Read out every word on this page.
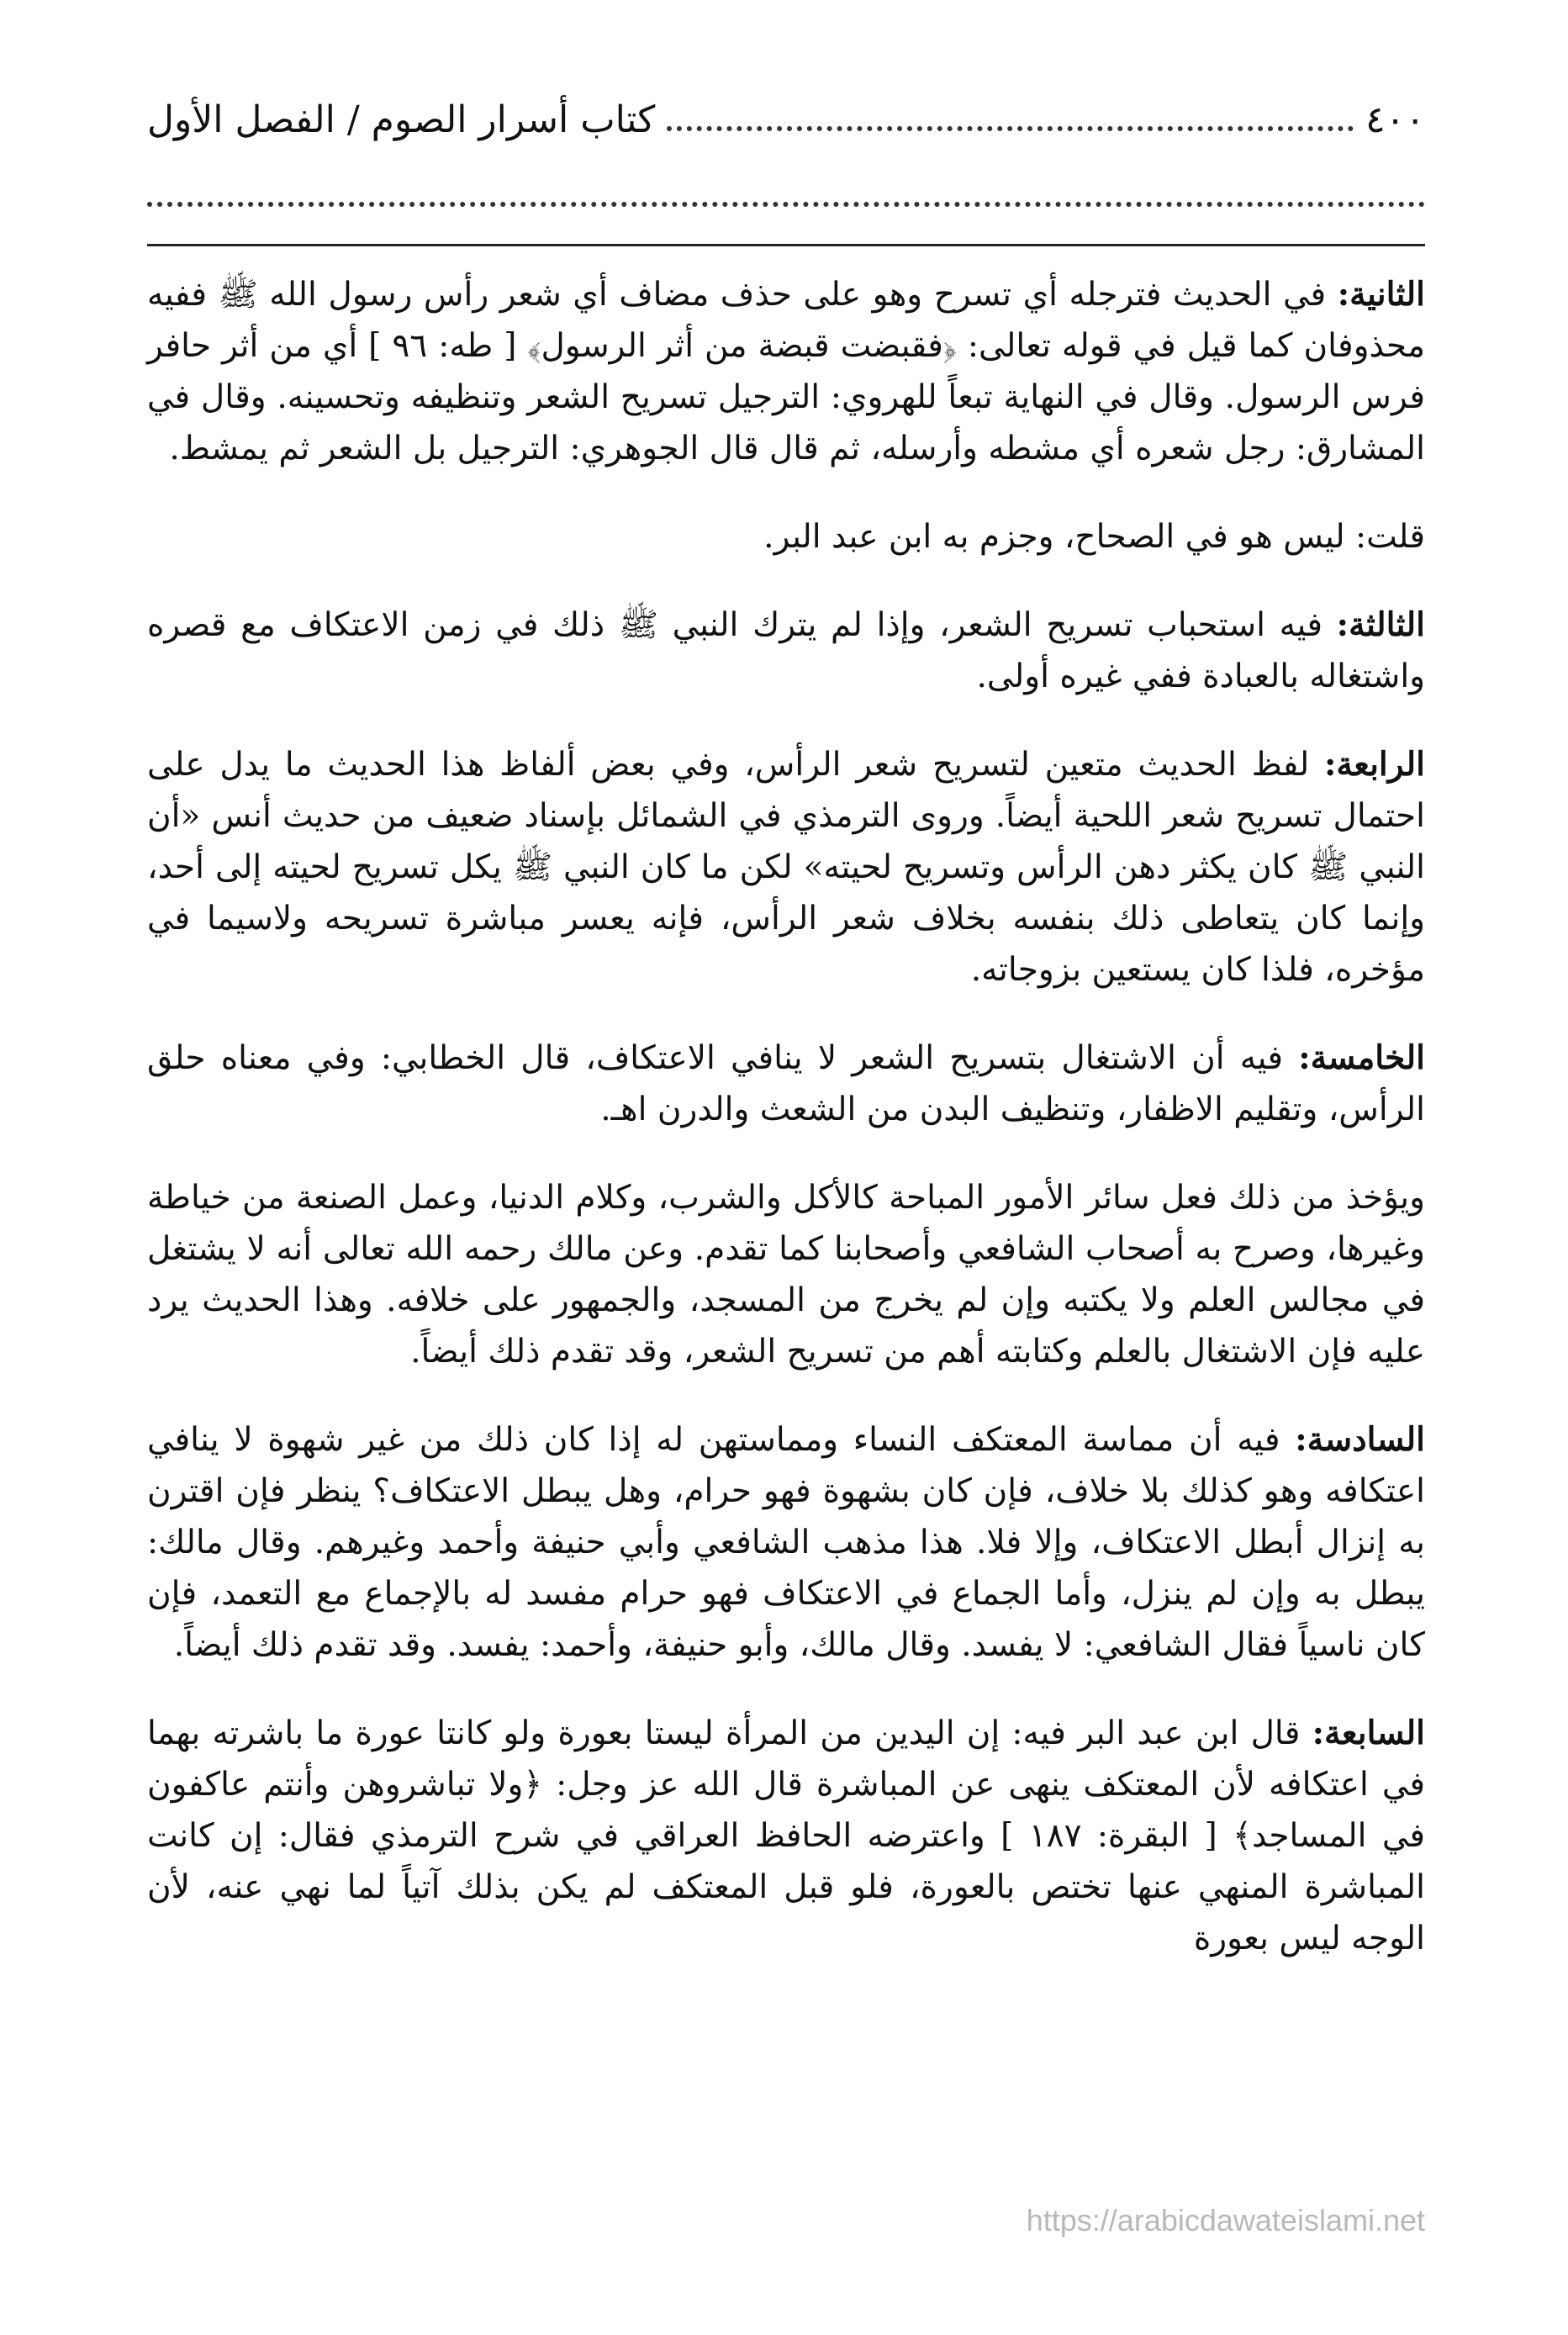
٤٠٠
كتاب أسرار الصوم / الفصل الأول

الثانية: في الحديث فترجله أي تسرح وهو على حذف مضاف أي شعر رأس رسول الله ﷺ ففيه محذوفان كما قيل في قوله تعالى: ﴿فقبضت قبضة من أثر الرسول﴾ [ طه: ٩٦ ] أي من أثر حافر فرس الرسول. وقال في النهاية تبعاً للهروي: الترجيل تسريح الشعر وتنظيفه وتحسينه. وقال في المشارق: رجل شعره أي مشطه وأرسله، ثم قال قال الجوهري: الترجيل بل الشعر ثم يمشط.

قلت: ليس هو في الصحاح، وجزم به ابن عبد البر.

الثالثة: فيه استحباب تسريح الشعر، وإذا لم يترك النبي ﷺ ذلك في زمن الاعتكاف مع قصره واشتغاله بالعبادة ففي غيره أولى.

الرابعة: لفظ الحديث متعين لتسريح شعر الرأس، وفي بعض ألفاظ هذا الحديث ما يدل على احتمال تسريح شعر اللحية أيضاً. وروى الترمذي في الشمائل بإسناد ضعيف من حديث أنس «أن النبي ﷺ كان يكثر دهن الرأس وتسريح لحيته» لكن ما كان النبي ﷺ يكل تسريح لحيته إلى أحد، وإنما كان يتعاطى ذلك بنفسه بخلاف شعر الرأس، فإنه يعسر مباشرة تسريحه ولاسيما في مؤخره، فلذا كان يستعين بزوجاته.

الخامسة: فيه أن الاشتغال بتسريح الشعر لا ينافي الاعتكاف، قال الخطابي: وفي معناه حلق الرأس، وتقليم الاظفار، وتنظيف البدن من الشعث والدرن اهـ.

ويؤخذ من ذلك فعل سائر الأمور المباحة كالأكل والشرب، وكلام الدنيا، وعمل الصنعة من خياطة وغيرها، وصرح به أصحاب الشافعي وأصحابنا كما تقدم. وعن مالك رحمه الله تعالى أنه لا يشتغل في مجالس العلم ولا يكتبه وإن لم يخرج من المسجد، والجمهور على خلافه. وهذا الحديث يرد عليه فإن الاشتغال بالعلم وكتابته أهم من تسريح الشعر، وقد تقدم ذلك أيضاً.

السادسة: فيه أن مماسة المعتكف النساء ومماستهن له إذا كان ذلك من غير شهوة لا ينافي اعتكافه وهو كذلك بلا خلاف، فإن كان بشهوة فهو حرام، وهل يبطل الاعتكاف؟ ينظر فإن اقترن به إنزال أبطل الاعتكاف، وإلا فلا. هذا مذهب الشافعي وأبي حنيفة وأحمد وغيرهم. وقال مالك: يبطل به وإن لم ينزل، وأما الجماع في الاعتكاف فهو حرام مفسد له بالإجماع مع التعمد، فإن كان ناسياً فقال الشافعي: لا يفسد. وقال مالك، وأبو حنيفة، وأحمد: يفسد. وقد تقدم ذلك أيضاً.

السابعة: قال ابن عبد البر فيه: إن اليدين من المرأة ليستا بعورة ولو كانتا عورة ما باشرته بهما في اعتكافه لأن المعتكف ينهى عن المباشرة قال الله عز وجل: ﴿ولا تباشروهن وأنتم عاكفون في المساجد﴾ [ البقرة: ١٨٧ ] واعترضه الحافظ العراقي في شرح الترمذي فقال: إن كانت المباشرة المنهي عنها تختص بالعورة، فلو قبل المعتكف لم يكن بذلك آتياً لما نهي عنه، لأن الوجه ليس بعورة

https://arabicdawateislami.net
